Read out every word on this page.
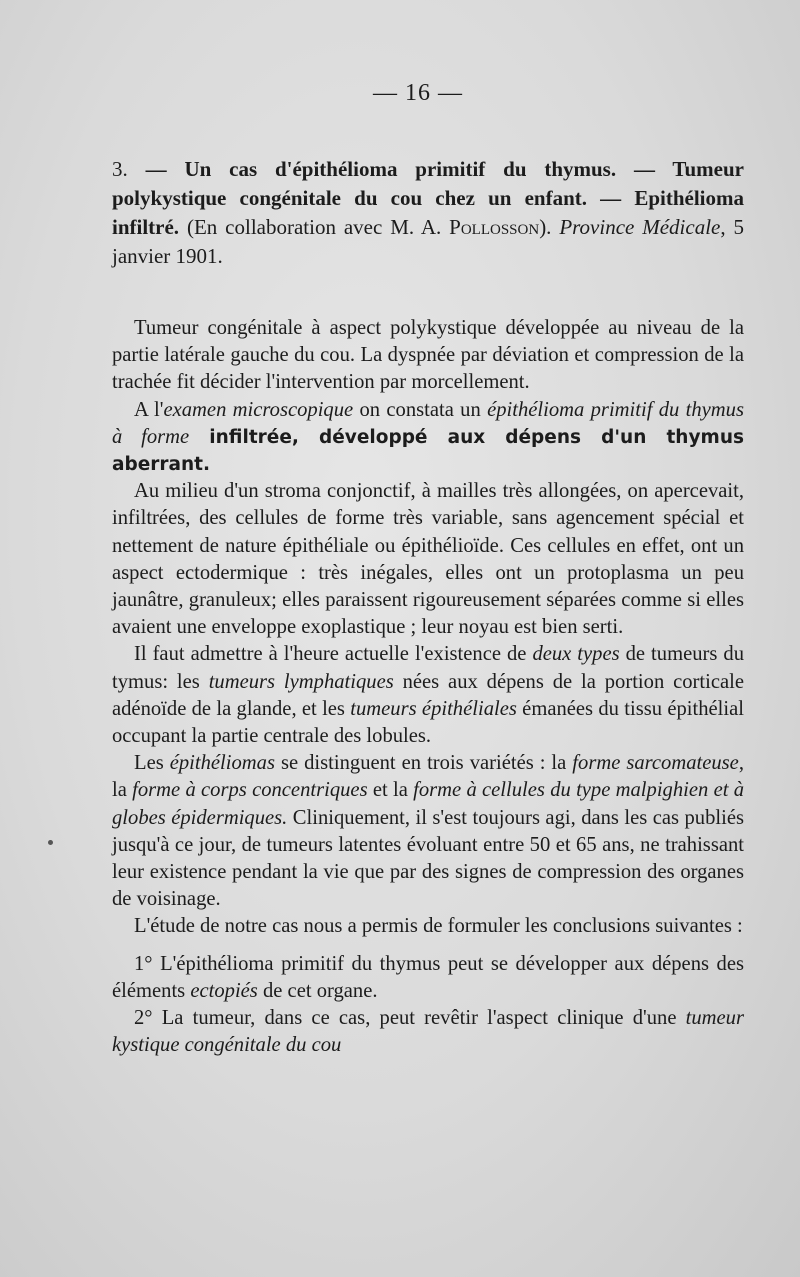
— 16 —

3. — Un cas d'épithélioma primitif du thymus. — Tumeur polykystique congénitale du cou chez un enfant. — Epithélioma infiltré. (En collaboration avec M. A. Pollosson). Province Médicale, 5 janvier 1901.

Tumeur congénitale à aspect polykystique développée au niveau de la partie latérale gauche du cou. La dyspnée par déviation et compression de la trachée fit décider l'intervention par morcellement.

A l'examen microscopique on constata un épithélioma primitif du thymus à forme infiltrée, développé aux dépens d'un thymus aberrant.

Au milieu d'un stroma conjonctif, à mailles très allongées, on apercevait, infiltrées, des cellules de forme très variable, sans agencement spécial et nettement de nature épithéliale ou épithélioïde. Ces cellules en effet, ont un aspect ectodermique : très inégales, elles ont un protoplasma un peu jaunâtre, granuleux; elles paraissent rigoureusement séparées comme si elles avaient une enveloppe exoplastique ; leur noyau est bien serti.

Il faut admettre à l'heure actuelle l'existence de deux types de tumeurs du tymus: les tumeurs lymphatiques nées aux dépens de la portion corticale adénoïde de la glande, et les tumeurs épithéliales émanées du tissu épithélial occupant la partie centrale des lobules.

Les épithéliomas se distinguent en trois variétés : la forme sarcomateuse, la forme à corps concentriques et la forme à cellules du type malpighien et à globes épidermiques. Cliniquement, il s'est toujours agi, dans les cas publiés jusqu'à ce jour, de tumeurs latentes évoluant entre 50 et 65 ans, ne trahissant leur existence pendant la vie que par des signes de compression des organes de voisinage.

L'étude de notre cas nous a permis de formuler les conclusions suivantes :

1° L'épithélioma primitif du thymus peut se développer aux dépens des éléments ectopiés de cet organe.

2° La tumeur, dans ce cas, peut revêtir l'aspect clinique d'une tumeur kystique congénitale du cou
